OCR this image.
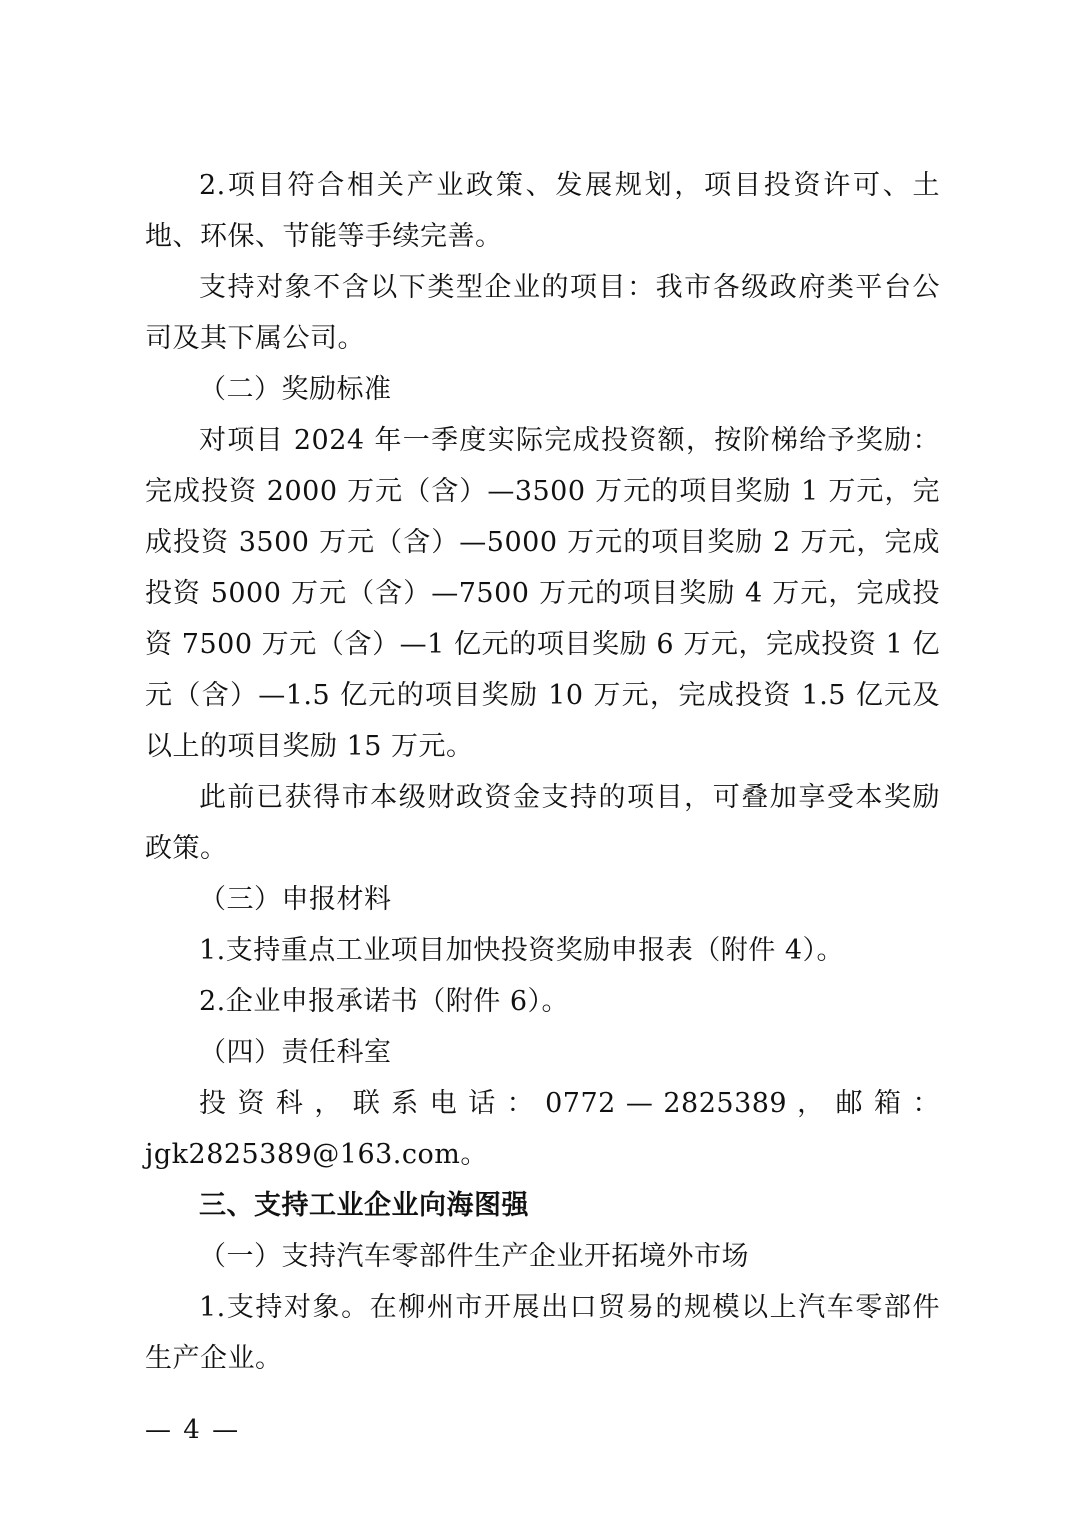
2.项目符合相关产业政策、发展规划，项目投资许可、土地、环保、节能等手续完善。

支持对象不含以下类型企业的项目：我市各级政府类平台公司及其下属公司。

（二）奖励标准

对项目 2024 年一季度实际完成投资额，按阶梯给予奖励：完成投资 2000 万元（含）—3500 万元的项目奖励 1 万元，完成投资 3500 万元（含）—5000 万元的项目奖励 2 万元，完成投资 5000 万元（含）—7500 万元的项目奖励 4 万元，完成投资 7500 万元（含）—1 亿元的项目奖励 6 万元，完成投资 1 亿元（含）—1.5 亿元的项目奖励 10 万元，完成投资 1.5 亿元及以上的项目奖励 15 万元。

此前已获得市本级财政资金支持的项目，可叠加享受本奖励政策。

（三）申报材料

1.支持重点工业项目加快投资奖励申报表（附件 4）。

2.企业申报承诺书（附件 6）。

（四）责任科室

投 资 科 ， 联 系 电 话 ： 0772 — 2825389 ， 邮 箱 ：

jgk2825389@163.com。

三、支持工业企业向海图强

（一）支持汽车零部件生产企业开拓境外市场

1.支持对象。在柳州市开展出口贸易的规模以上汽车零部件生产企业。

— 4 —
